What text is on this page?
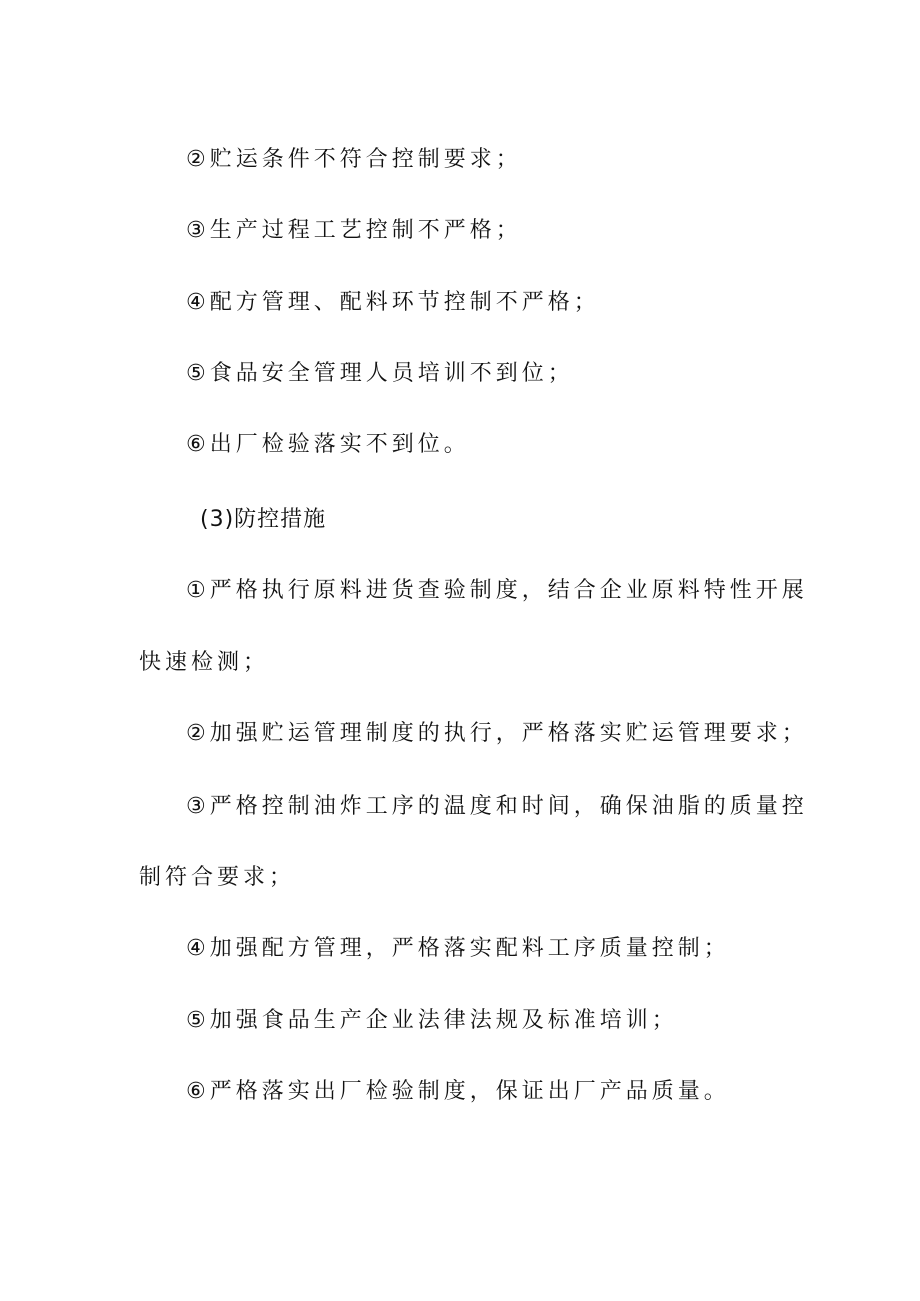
②贮运条件不符合控制要求；

③生产过程工艺控制不严格；

④配方管理、配料环节控制不严格；

⑤食品安全管理人员培训不到位；

⑥出厂检验落实不到位。

(3)防控措施

①严格执行原料进货查验制度，结合企业原料特性开展

快速检测；

②加强贮运管理制度的执行，严格落实贮运管理要求；

③严格控制油炸工序的温度和时间，确保油脂的质量控

制符合要求；

④加强配方管理，严格落实配料工序质量控制；

⑤加强食品生产企业法律法规及标准培训；

⑥严格落实出厂检验制度，保证出厂产品质量。
